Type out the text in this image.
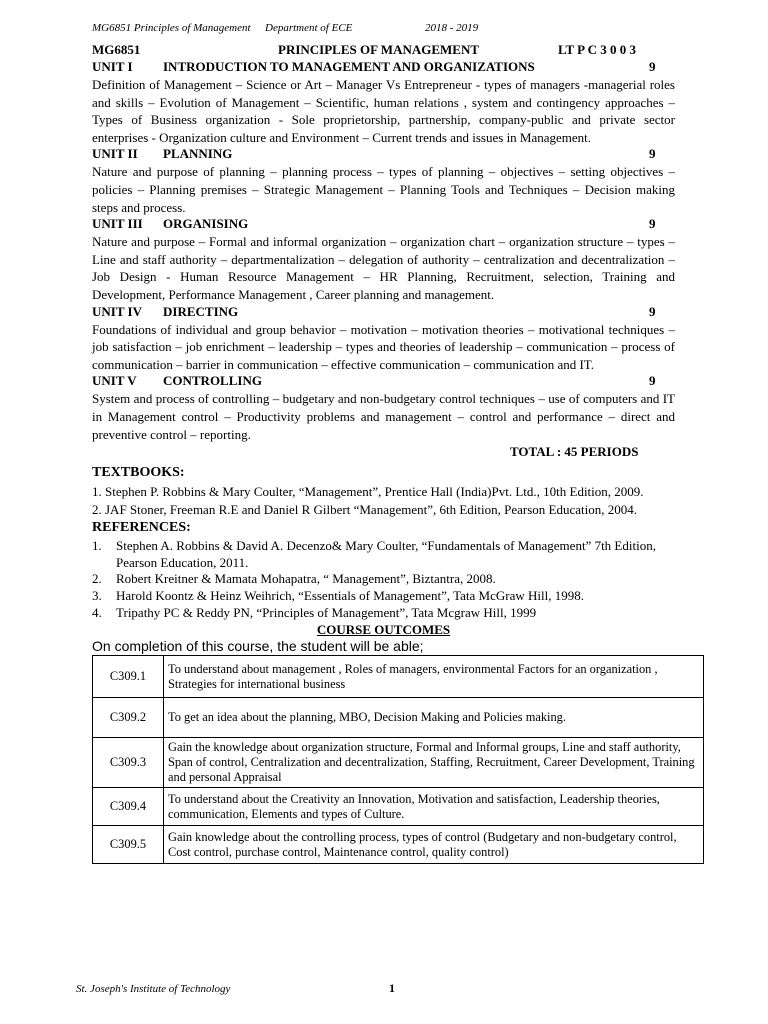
MG6851 Principles of Management Department of ECE	2018 - 2019
MG6851	PRINCIPLES OF MANAGEMENT	LT P C 3 0 0 3
UNIT I INTRODUCTION TO MANAGEMENT AND ORGANIZATIONS	9

Definition of Management – Science or Art – Manager Vs Entrepreneur - types of managers -managerial roles and skills – Evolution of Management – Scientific, human relations , system and contingency approaches – Types of Business organization - Sole proprietorship, partnership, company-public and private sector enterprises - Organization culture and Environment – Current trends and issues in Management.

UNIT II PLANNING	9

Nature and purpose of planning – planning process – types of planning – objectives – setting objectives – policies – Planning premises – Strategic Management – Planning Tools and Techniques – Decision making steps and process.

UNIT III ORGANISING	9

Nature and purpose – Formal and informal organization – organization chart – organization structure – types – Line and staff authority – departmentalization – delegation of authority – centralization and decentralization – Job Design - Human Resource Management – HR Planning, Recruitment, selection, Training and Development, Performance Management , Career planning and management.

UNIT IV DIRECTING	9

Foundations of individual and group behavior – motivation – motivation theories – motivational techniques – job satisfaction – job enrichment – leadership – types and theories of leadership – communication – process of communication – barrier in communication – effective communication – communication and IT.

UNIT V CONTROLLING	9

System and process of controlling – budgetary and non-budgetary control techniques – use of computers and IT in Management control – Productivity problems and management – control and performance – direct and preventive control – reporting.

TOTAL : 45 PERIODS
TEXTBOOKS:
1. Stephen P. Robbins & Mary Coulter, “Management”, Prentice Hall (India)Pvt. Ltd., 10th Edition, 2009.
2. JAF Stoner, Freeman R.E and Daniel R Gilbert “Management”, 6th Edition, Pearson Education, 2004.
REFERENCES:
1. Stephen A. Robbins & David A. Decenzo& Mary Coulter, “Fundamentals of Management” 7th Edition, Pearson Education, 2011.
2. Robert Kreitner & Mamata Mohapatra, “ Management”, Biztantra, 2008.
3. Harold Koontz & Heinz Weihrich, “Essentials of Management”, Tata McGraw Hill, 1998.
4. Tripathy PC & Reddy PN, “Principles of Management”, Tata Mcgraw Hill, 1999
COURSE OUTCOMES
On completion of this course, the student will be able;
C309.1	To understand about management , Roles of managers, environmental Factors for an organization , Strategies for international business
C309.2	To get an idea about the planning, MBO, Decision Making and Policies making.
C309.3	Gain the knowledge about organization structure, Formal and Informal groups, Line and staff authority, Span of control, Centralization and decentralization, Staffing, Recruitment, Career Development, Training and personal Appraisal
C309.4	To understand about the Creativity an Innovation, Motivation and satisfaction, Leadership theories, communication, Elements and types of Culture.
C309.5	Gain knowledge about the controlling process, types of control (Budgetary and non-budgetary control, Cost control, purchase control, Maintenance control, quality control)
St. Joseph's Institute of Technology	1
